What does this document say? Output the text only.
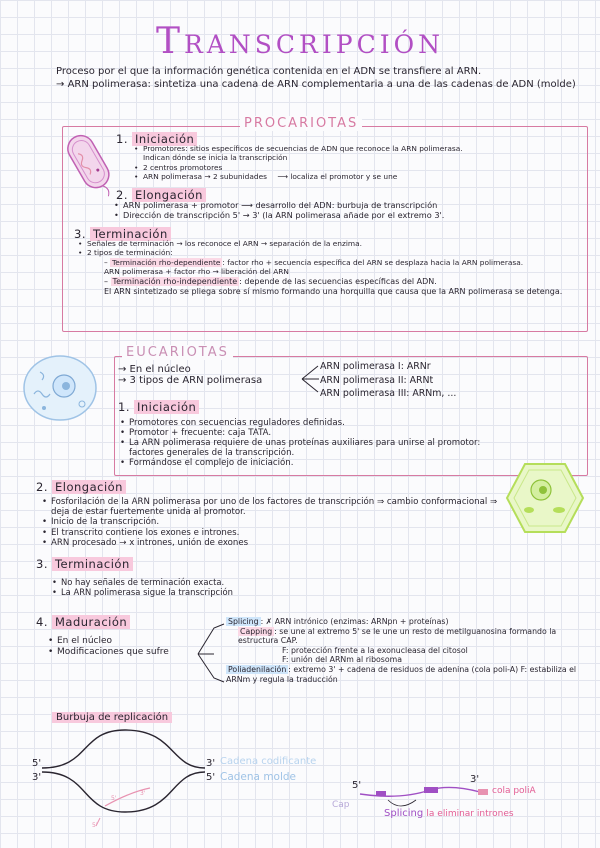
Transcripción
Proceso por el que la información genética contenida en el ADN se transfiere al ARN.
→ ARN polimerasa: sintetiza una cadena de ARN complementaria a una de las cadenas de ADN (molde)
PROCARIOTAS
1. Iniciación
• Promotores: sitios específicos de secuencias de ADN que reconoce la ARN polimerasa.
Indican dónde se inicia la transcripción
• 2 centros promotores
• ARN polimerasa → 2 subunidades ⟶ localiza el promotor y se une
2. Elongación
• ARN polimerasa + promotor ⟶ desarrollo del ADN: burbuja de transcripción
• Dirección de transcripción 5' → 3' (la ARN polimerasa añade por el extremo 3'.
3. Terminación
• Señales de terminación → los reconoce el ARN → separación de la enzima.
• 2 tipos de terminación:
– Terminación rho-dependiente : factor rho + secuencia específica del ARN se desplaza hacia la ARN polimerasa.
ARN polimerasa + factor rho → liberación del ARN
– Terminación rho-independiente : depende de las secuencias específicas del ADN.
El ARN sintetizado se pliega sobre sí mismo formando una horquilla que causa que la ARN polimerasa se detenga.
EUCARIOTAS
→ En el núcleo
→ 3 tipos de ARN polimerasa
ARN polimerasa I: ARNr
ARN polimerasa II: ARNt
ARN polimerasa III: ARNm, ...
1. Iniciación
• Promotores con secuencias reguladores definidas.
• Promotor + frecuente: caja TATA.
• La ARN polimerasa requiere de unas proteínas auxiliares para unirse al promotor: factores generales de la transcripción.
• Formándose el complejo de iniciación.
2. Elongación
• Fosforilación de la ARN polimerasa por uno de los factores de transcripción ⇒ cambio conformacional ⇒ deja de estar fuertemente unida al promotor.
• Inicio de la transcripción.
• El transcrito contiene los exones e intrones.
• ARN procesado → x intrones, unión de exones
3. Terminación
• No hay señales de terminación exacta.
• La ARN polimerasa sigue la transcripción
4. Maduración
• En el núcleo
• Modificaciones que sufre
Splicing : ✗ ARN intrónico (enzimas: ARNpn + proteínas)
Capping : se une al extremo 5' se le une un resto de metilguanosina formando la estructura CAP.
F: protección frente a la exonucleasa del citosol
F: unión del ARNm al ribosoma
Poliadenilación : extremo 3' + cadena de residuos de adenina (cola poli-A) F: estabiliza el ARNm y regula la traducción
Burbuja de replicación
5'
3'
3'
5'
Cadena codificante
Cadena molde
5'
3'
5'
5'
3'
Cap
cola poliA
Splicing la eliminar intrones
